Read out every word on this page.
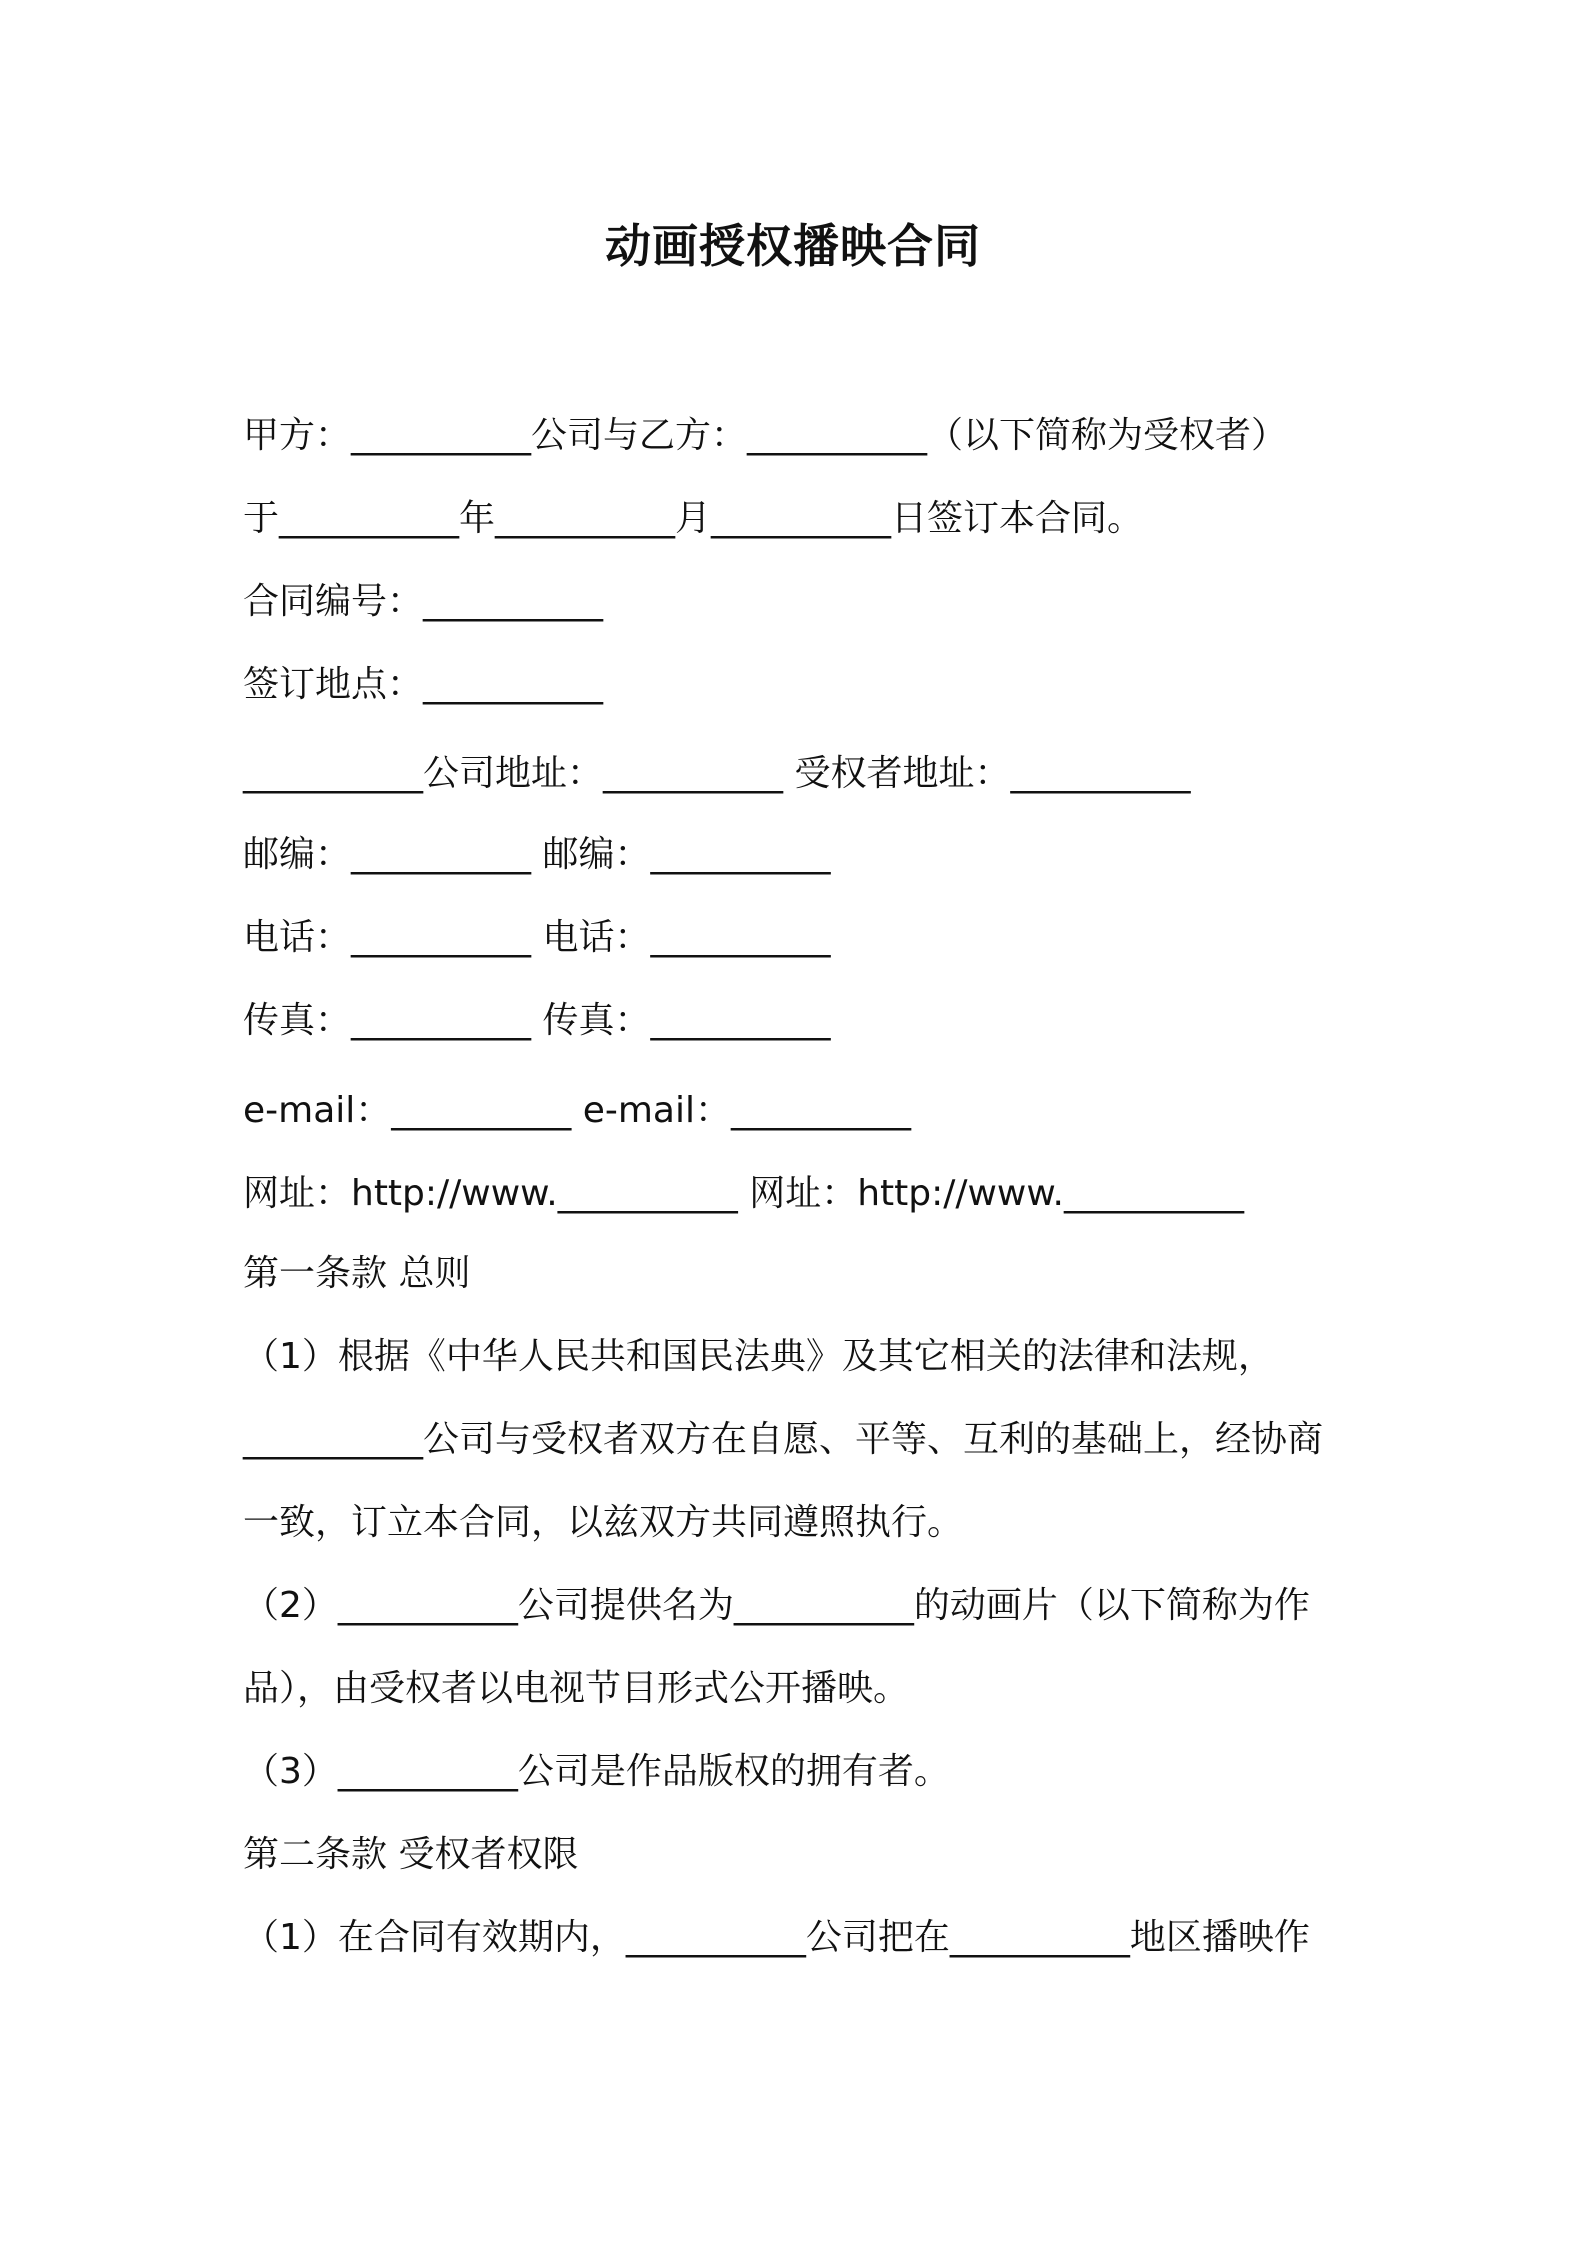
动画授权播映合同
甲方：__________公司与乙方：__________（以下简称为受权者）
于__________年__________月__________日签订本合同。
合同编号：__________
签订地点：__________
__________公司地址：__________ 受权者地址：__________
邮编：__________ 邮编：__________
电话：__________ 电话：__________
传真：__________ 传真：__________
e-mail：__________ e-mail：__________
网址：http://www.__________ 网址：http://www.__________
第一条款 总则
（1）根据《中华人民共和国民法典》及其它相关的法律和法规，
__________公司与受权者双方在自愿、平等、互利的基础上，经协商
一致，订立本合同，以兹双方共同遵照执行。
（2）__________公司提供名为__________的动画片（以下简称为作
品），由受权者以电视节目形式公开播映。
（3）__________公司是作品版权的拥有者。
第二条款 受权者权限
（1）在合同有效期内，__________公司把在__________地区播映作
